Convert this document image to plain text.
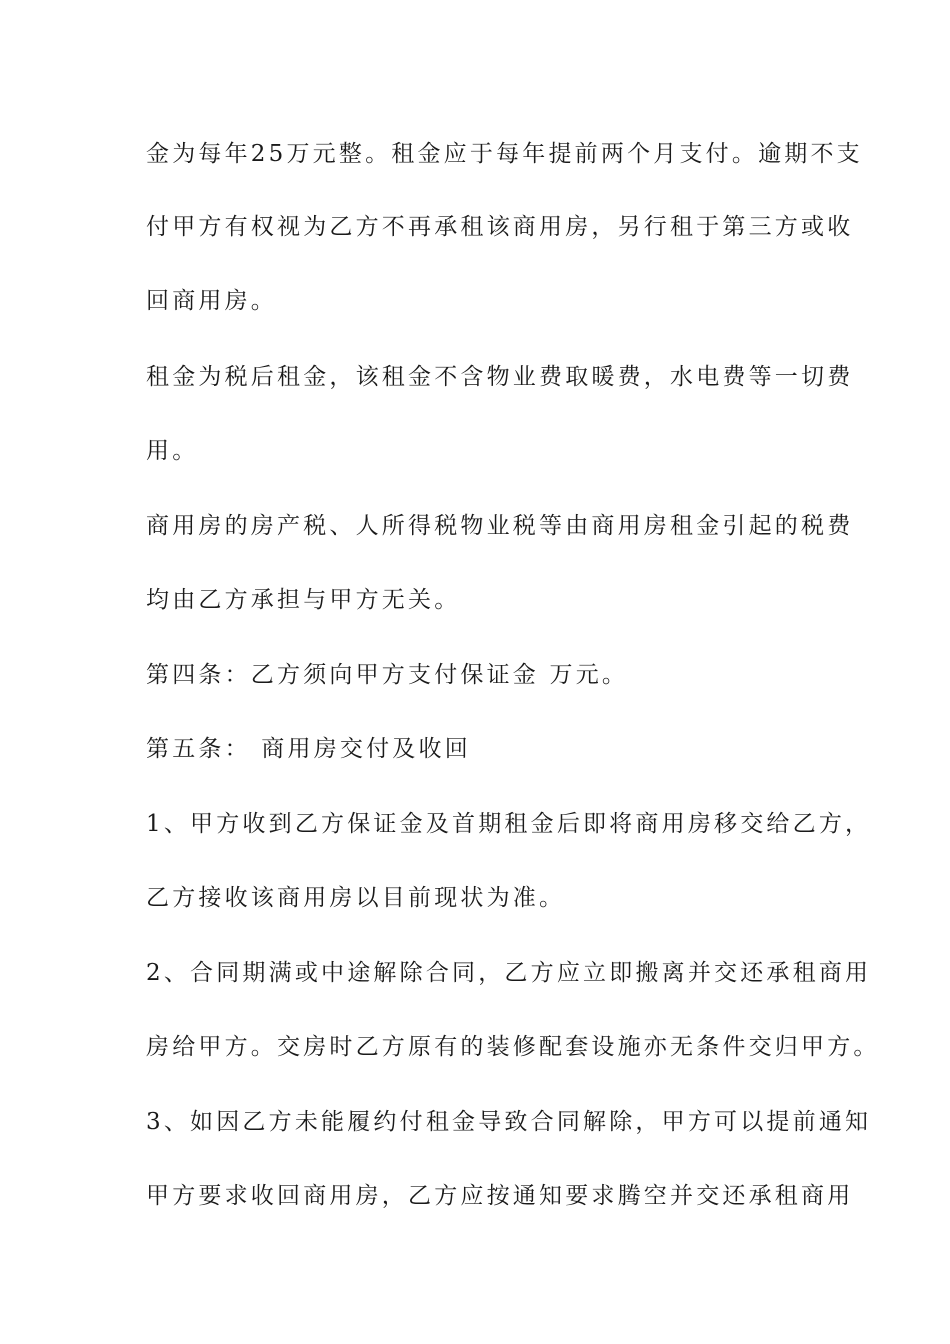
金为每年25万元整。租金应于每年提前两个月支付。逾期不支
付甲方有权视为乙方不再承租该商用房，另行租于第三方或收
回商用房。
租金为税后租金，该租金不含物业费取暖费，水电费等一切费
用。
商用房的房产税、人所得税物业税等由商用房租金引起的税费
均由乙方承担与甲方无关。
第四条：乙方须向甲方支付保证金 万元。
第五条： 商用房交付及收回
1、甲方收到乙方保证金及首期租金后即将商用房移交给乙方，
乙方接收该商用房以目前现状为准。
2、合同期满或中途解除合同，乙方应立即搬离并交还承租商用
房给甲方。交房时乙方原有的装修配套设施亦无条件交归甲方。
3、如因乙方未能履约付租金导致合同解除，甲方可以提前通知
甲方要求收回商用房，乙方应按通知要求腾空并交还承租商用
